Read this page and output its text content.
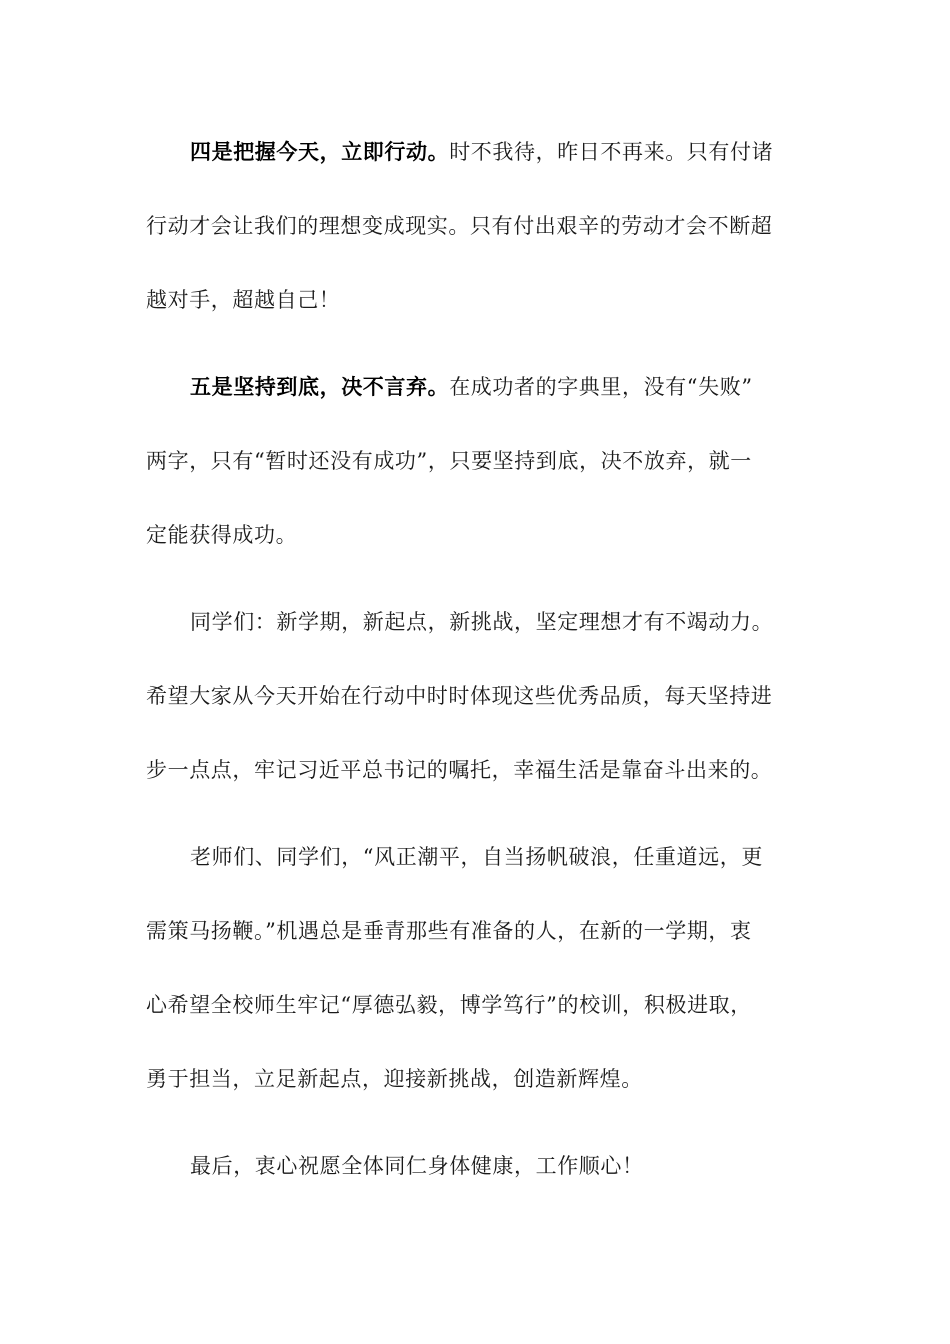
四是把握今天，立即行动。时不我待，昨日不再来。只有付诸
行动才会让我们的理想变成现实。只有付出艰辛的劳动才会不断超
越对手，超越自己！
五是坚持到底，决不言弃。在成功者的字典里，没有“失败”
两字，只有“暂时还没有成功”，只要坚持到底，决不放弃，就一
定能获得成功。
同学们：新学期，新起点，新挑战，坚定理想才有不竭动力。
希望大家从今天开始在行动中时时体现这些优秀品质，每天坚持进
步一点点，牢记习近平总书记的嘱托，幸福生活是靠奋斗出来的。
老师们、同学们，“风正潮平，自当扬帆破浪，任重道远，更
需策马扬鞭。”机遇总是垂青那些有准备的人，在新的一学期，衷
心希望全校师生牢记“厚德弘毅，博学笃行”的校训，积极进取，
勇于担当，立足新起点，迎接新挑战，创造新辉煌。
最后，衷心祝愿全体同仁身体健康，工作顺心！
